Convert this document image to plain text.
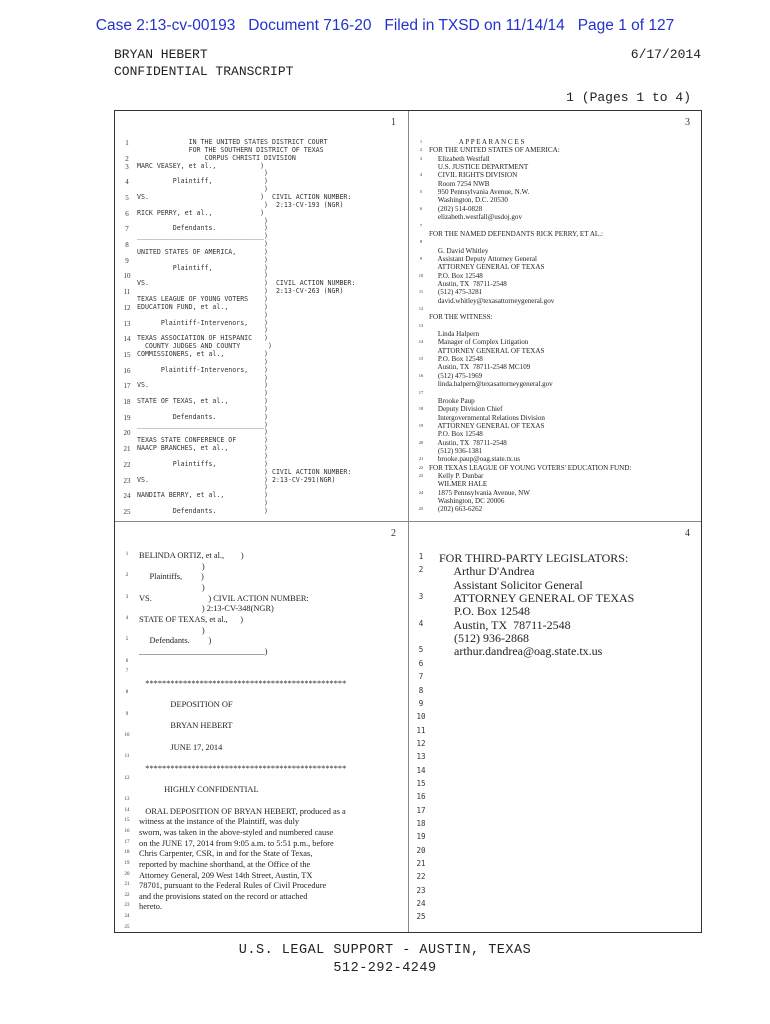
Case 2:13-cv-00193   Document 716-20   Filed in TXSD on 11/14/14   Page 1 of 127
BRYAN HEBERT	6/17/2014
CONFIDENTIAL TRANSCRIPT
1 (Pages 1 to 4)
1
1	IN THE UNITED STATES DISTRICT COURT
FOR THE SOUTHERN DISTRICT OF TEXAS
2	CORPUS CHRISTI DIVISION
3	MARC VEASEY, et al.,           )
)
4	Plaintiff,             )
)
5	VS.                            )  CIVIL ACTION NUMBER:
)  2:13-CV-193 (NGR)
6	RICK PERRY, et al.,            )
)
7	Defendants.            )
________________________________)
8	)
UNITED STATES OF AMERICA,       )
9	)
Plaintiff,             )
10 )
VS.                             )  CIVIL ACTION NUMBER:
11	)  2:13-CV-263 (NGR)
TEXAS LEAGUE OF YOUNG VOTERS    )
12 EDUCATION FUND, et al.,         )
)
13 Plaintiff-Intervenors,    )
)
14 TEXAS ASSOCIATION OF HISPANIC   )
COUNTY JUDGES AND COUNTY       )
15 COMMISSIONERS, et al.,          )
)
16 Plaintiff-Intervenors,    )
)
17 VS.                             )
)
18 STATE OF TEXAS, et al.,         )
)
19 Defendants.            )
________________________________)
20 )
TEXAS STATE CONFERENCE OF       )
21 NAACP BRANCHES, et al.,         )
)
22 Plaintiffs,            )
) CIVIL ACTION NUMBER:
23 VS.                             ) 2:13-CV-291(NGR)
)
24 NANDITA BERRY, et al.,          )
)
25 Defendants.            )
3
1 A P P E A R A N C E S
2 FOR THE UNITED STATES OF AMERICA:
3 Elizabeth Westfall
U.S. JUSTICE DEPARTMENT
4 CIVIL RIGHTS DIVISION
Room 7254 NWB
5 950 Pennsylvania Avenue, N.W.
Washington, D.C. 20530
6 (202) 514-0828
elizabeth.westfall@usdoj.gov
7
FOR THE NAMED DEFENDANTS RICK PERRY, ET AL.:
8
G. David Whitley
9 Assistant Deputy Attorney General
ATTORNEY GENERAL OF TEXAS
10 P.O. Box 12548
Austin, TX  78711-2548
11 (512) 475-3281
david.whitley@texasattorneygeneral.gov
12
FOR THE WITNESS:
13
Linda Halpern
14 Manager of Complex Litigation
ATTORNEY GENERAL OF TEXAS
15 P.O. Box 12548
Austin, TX  78711-2548 MC109
16 (512) 475-1969
linda.halpern@texasattorneygeneral.gov
17
Brooke Paup
18 Deputy Division Chief
Intergovernmental Relations Division
19 ATTORNEY GENERAL OF TEXAS
P.O. Box 12548
20 Austin, TX  78711-2548
(512) 936-1381
21 brooke.paup@oag.state.tx.us
22 FOR TEXAS LEAGUE OF YOUNG VOTERS' EDUCATION FUND:
23 Kelly P. Dunbar
WILMER HALE
24 1875 Pennsylvania Avenue, NW
Washington, DC 20006
25 (202) 663-6262
2
1	BELINDA ORTIZ, et al.,        )
)
2	Plaintiffs,         )
)
3	VS.                           ) CIVIL ACTION NUMBER:
) 2:13-CV-348(NGR)
4	STATE OF TEXAS, et al.,      )
)
5	Defendants.         )
______________________________)
6
7
************************************************
8
DEPOSITION OF
9
BRYAN HEBERT
10
JUNE 17, 2014
11
************************************************
12
HIGHLY CONFIDENTIAL
13
14	ORAL DEPOSITION OF BRYAN HEBERT, produced as a
15	witness at the instance of the Plaintiff, was duly
16	sworn, was taken in the above-styled and numbered cause
17	on the JUNE 17, 2014 from 9:05 a.m. to 5:51 p.m., before
18	Chris Carpenter, CSR, in and for the State of Texas,
19	reported by machine shorthand, at the Office of the
20	Attorney General, 209 West 14th Street, Austin, TX
21	78701, pursuant to the Federal Rules of Civil Procedure
22	and the provisions stated on the record or attached
23	hereto.
24
25
4
1	FOR THIRD-PARTY LEGISLATORS:
2	Arthur D'Andrea
Assistant Solicitor General
3	ATTORNEY GENERAL OF TEXAS
P.O. Box 12548
4	Austin, TX  78711-2548
(512) 936-2868
5	arthur.dandrea@oag.state.tx.us
6
7
8
9
10
11
12
13
14
15
16
17
18
19
20
21
22
23
24
25
U.S. LEGAL SUPPORT - AUSTIN, TEXAS
512-292-4249
